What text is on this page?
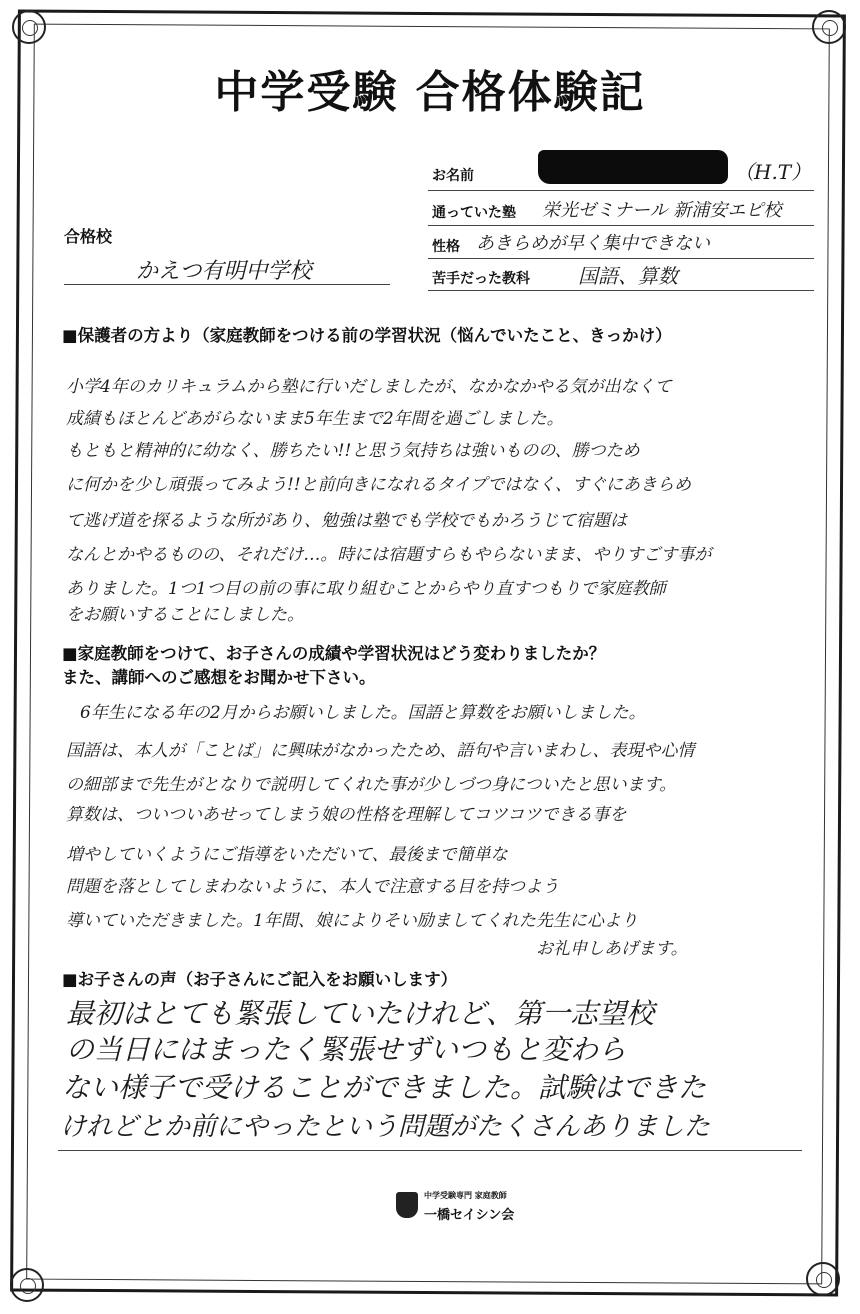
中学受験 合格体験記
お名前	（H.T）
通っていた塾 栄光ゼミナール 新浦安エピ校
性格 あきらめが早く集中できない
苦手だった教科 国語、算数
合格校
かえつ有明中学校
■保護者の方より（家庭教師をつける前の学習状況（悩んでいたこと、きっかけ）
小学4年のカリキュラムから塾に行いだしましたが、なかなかやる気が出なくて
成績もほとんどあがらないまま5年生まで2年間を過ごしました。
もともと精神的に幼なく、勝ちたい!!と思う気持ちは強いものの、勝つため
に何かを少し頑張ってみよう!!と前向きになれるタイプではなく、すぐにあきらめ
て逃げ道を探るような所があり、勉強は塾でも学校でもかろうじて宿題は
なんとかやるものの、それだけ…。時には宿題すらもやらないまま、やりすごす事が
ありました。1つ1つ目の前の事に取り組むことからやり直すつもりで家庭教師
をお願いすることにしました。
■家庭教師をつけて、お子さんの成績や学習状況はどう変わりましたか？
また、講師へのご感想をお聞かせ下さい。
6年生になる年の2月からお願いしました。国語と算数をお願いしました。
国語は、本人が「ことば」に興味がなかったため、語句や言いまわし、表現や心情
の細部まで先生がとなりで説明してくれた事が少しづつ身についたと思います。
算数は、ついついあせってしまう娘の性格を理解してコツコツできる事を
増やしていくようにご指導をいただいて、最後まで簡単な
問題を落としてしまわないように、本人で注意する目を持つよう
導いていただきました。1年間、娘によりそい励ましてくれた先生に心より
お礼申しあげます。
■お子さんの声（お子さんにご記入をお願いします）
最初はとても緊張していたけれど、第一志望校
の当日にはまったく緊張せずいつもと変わら
ない様子で受けることができました。試験はできた
けれどとか前にやったという問題がたくさんありました
中学受験専門 家庭教師
一橋セイシン会
